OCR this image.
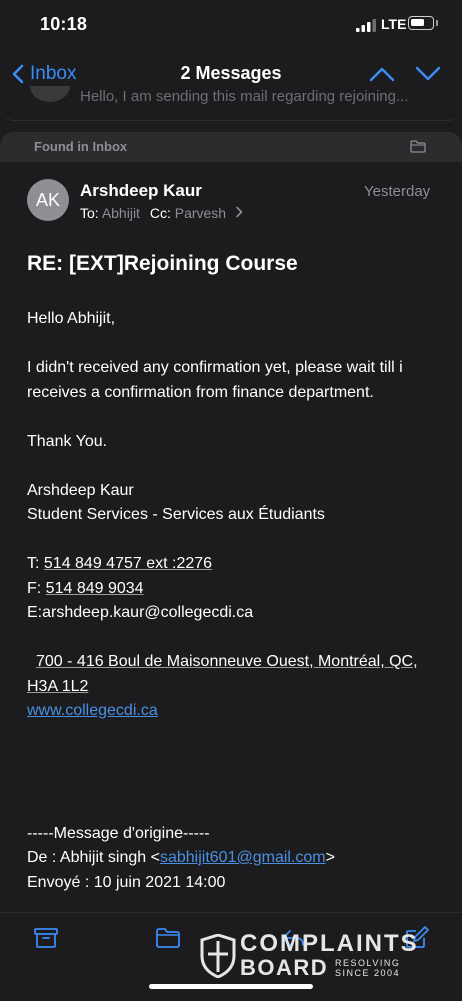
10:18	LTE
Inbox	2 Messages
Hello, I am sending this mail regarding rejoining...
Found in Inbox
AK Arshdeep Kaur	Yesterday
To: Abhijit Cc: Parvesh
RE: [EXT]Rejoining Course

Hello Abhijit,

I didn't received any confirmation yet, please wait till i receives a confirmation from finance department.

Thank You.

Arshdeep Kaur

Student Services - Services aux Étudiants

T: 514 849 4757 ext :2276

F: 514 849 9034

E:arshdeep.kaur@collegecdi.ca

700 - 416 Boul de Maisonneuve Ouest, Montréal, QC, H3A 1L2

www.collegecdi.ca

-----Message d'origine-----

De : Abhijit singh <sabhijit601@gmail.com>

Envoyé : 10 juin 2021 14:00

COMPLAINTS
BOARD RESOLVING
SINCE 2004
